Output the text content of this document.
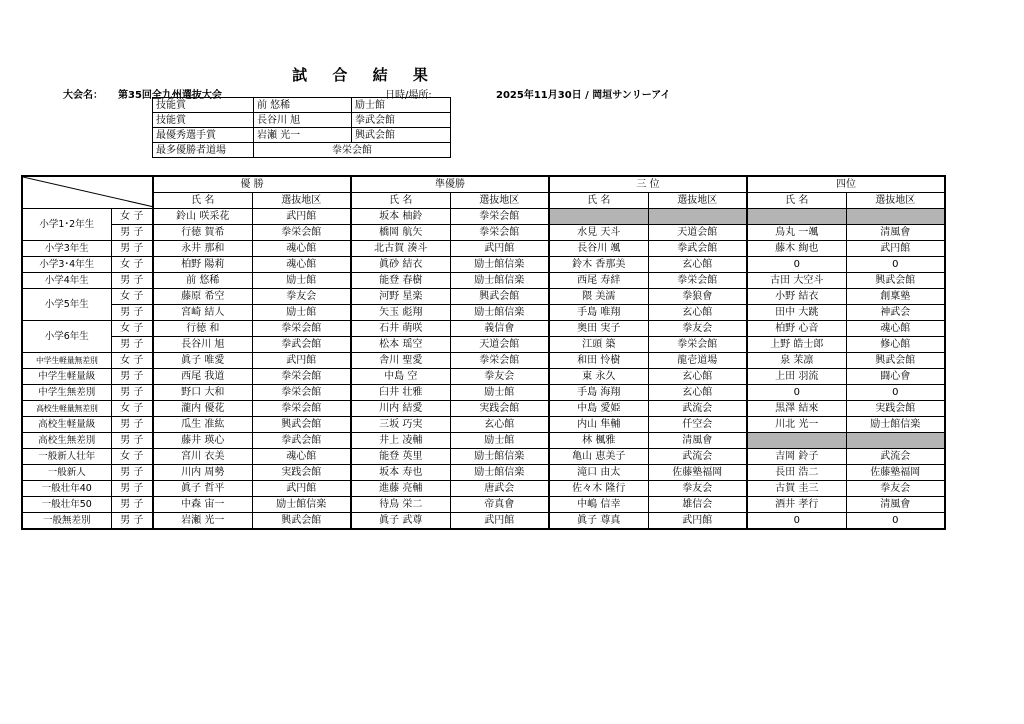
試 合 結 果
大会名： 第35回全九州選抜大会	日時/場所:	2025年11月30日 / 岡垣サンリーアイ
技能賞	前 悠稀	励士館
技能賞	長谷川 旭	拳武会館
最優秀選手賞	岩瀬 光一	興武会館
最多優勝者道場	拳栄会館	
	優 勝		準優勝		三 位		四位	
		氏 名	選抜地区	氏 名	選抜地区	氏 名	選抜地区	氏 名	選抜地区
小学1･2年生	女 子	鈴山 咲采花	武円館	坂本 柚鈴	拳栄会館				
	男 子	行徳 賀希	拳栄会館	橋岡 航矢	拳栄会館	水見 天斗	天道会館	鳥丸 一颯	清風會
小学3年生	男 子	永井 那和	魂心館	北古賀 湊斗	武円館	長谷川 颯	拳武会館	藤木 絢也	武円館
小学3･4年生	女 子	柏野 陽莉	魂心館	眞砂 結衣	励士館信楽	鈴木 香那美	玄心館	0	0
小学4年生	男 子	前 悠稀	励士館	能登 春樹	励士館信楽	西尾 寿絆	拳栄会館	古田 大空斗	興武会館
小学5年生	女 子	藤原 希空	拳友会	河野 星楽	興武会館	隈 美濡	拳狼會	小野 結衣	創稟塾
	男 子	宮崎 結人	励士館	矢玉 彪翔	励士館信楽	手島 唯翔	玄心館	田中 大跳	神武会
小学6年生	女 子	行徳 和	拳栄会館	石井 萌咲	義信會	奥田 実子	拳友会	柏野 心音	魂心館
	男 子	長谷川 旭	拳武会館	松本 瑶空	天道会館	江頭 築	拳栄会館	上野 皓士郎	修心館
中学生軽量無差別	女 子	眞子 唯愛	武円館	舎川 聖愛	拳栄会館	和田 怜樹	龍壱道場	泉 茉凛	興武会館
中学生軽量級	男 子	西尾 我道	拳栄会館	中島 空	拳友会	東 永久	玄心館	上田 羽流	闘心會
中学生無差別	男 子	野口 大和	拳栄会館	臼井 壮雅	励士館	手島 海翔	玄心館	0	0
高校生軽量無差別	女 子	瀧内 優花	拳栄会館	川内 結愛	実践会館	中島 愛姫	武流会	黒澤 結來	実践会館
高校生軽量級	男 子	瓜生 准紘	興武会館	三坂 巧実	玄心館	内山 隼輔	仟空会	川北 光一	励士館信楽
高校生無差別	男 子	藤井 瑛心	拳武会館	井上 凌輔	励士館	林 楓雅	清風會		
一般新人壮年	女 子	宮川 衣美	魂心館	能登 英里	励士館信楽	亀山 恵美子	武流会	吉岡 鈴子	武流会
一般新人	男 子	川内 周勢	実践会館	坂本 寿也	励士館信楽	滝口 由太	佐藤塾福岡	長田 浩二	佐藤塾福岡
一般壮年40	男 子	眞子 哲平	武円館	進藤 亮輔	唐武会	佐々木 隆行	拳友会	古賀 圭三	拳友会
一般壮年50	男 子	中森 宙一	励士館信楽	待鳥 栄二	帝真會	中嶋 信幸	雄信会	酒井 孝行	清風會
一般無差別	男 子	岩瀬 光一	興武会館	眞子 武尊	武円館	眞子 尊真	武円館	0	0
